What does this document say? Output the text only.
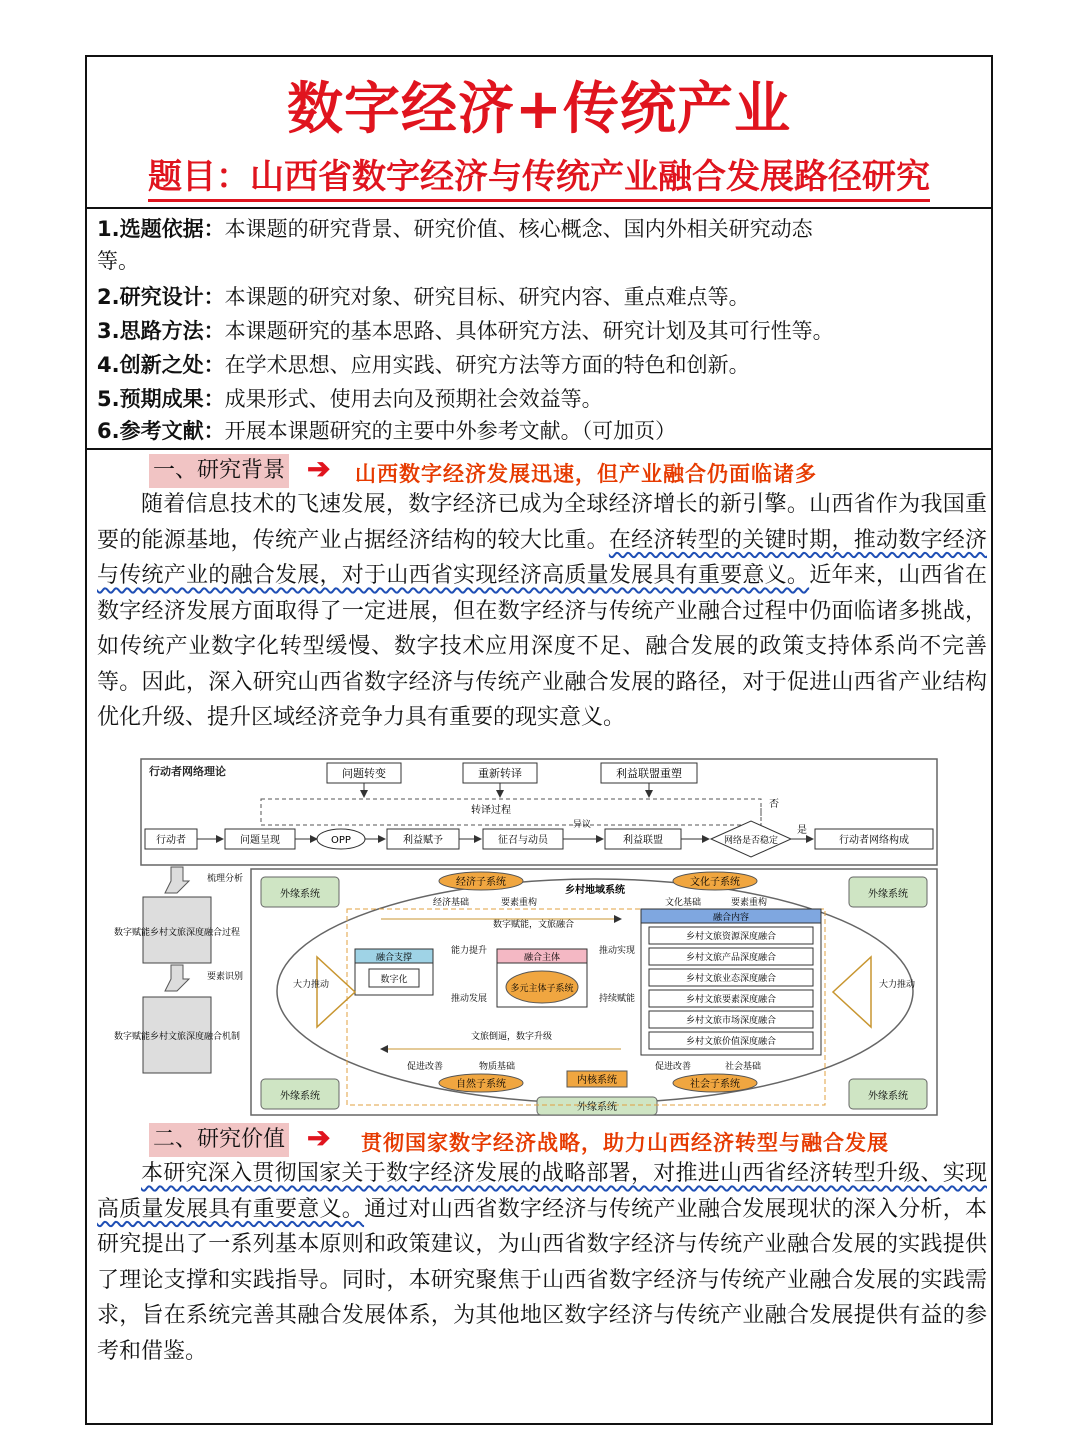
数字经济+传统产业
题目：山西省数字经济与传统产业融合发展路径研究
1.选题依据：本课题的研究背景、研究价值、核心概念、国内外相关研究动态
等。
2.研究设计：本课题的研究对象、研究目标、研究内容、重点难点等。
3.思路方法：本课题研究的基本思路、具体研究方法、研究计划及其可行性等。
4.创新之处：在学术思想、应用实践、研究方法等方面的特色和创新。
5.预期成果：成果形式、使用去向及预期社会效益等。
6.参考文献：开展本课题研究的主要中外参考文献。（可加页）
一、研究背景 ➔ 山西数字经济发展迅速，但产业融合仍面临诸多

随着信息技术的飞速发展，数字经济已成为全球经济增长的新引擎。山西省作为我国重要的能源基地，传统产业占据经济结构的较大比重。在经济转型的关键时期，推动数字经济与传统产业的融合发展，对于山西省实现经济高质量发展具有重要意义。近年来，山西省在数字经济发展方面取得了一定进展，但在数字经济与传统产业融合过程中仍面临诸多挑战，如传统产业数字化转型缓慢、数字技术应用深度不足、融合发展的政策支持体系尚不完善等。因此，深入研究山西省数字经济与传统产业融合发展的路径，对于促进山西省产业结构优化升级、提升区域经济竞争力具有重要的现实意义。

行动者网络理论	问题转变	重新转译	利益联盟重塑
转译过程
否
行动者	问题呈现	OPP	利益赋予	征召与动员
异议
利益联盟	网络是否稳定
是
行动者网络构成
梳理分析
数字赋能乡村文旅深度融合过程
要素识别
数字赋能乡村文旅深度融合机制
外缘系统	外缘系统
外缘系统	外缘系统
外缘系统
经济子系统	文化子系统
乡村地域系统
经济基础	要素重构	文化基础	要素重构
数字赋能，文旅融合
融合支撑
数字化
能力提升	推动实现
推动发展	持续赋能
融合主体
多元主体子系统
融合内容
乡村文旅资源深度融合
乡村文旅产品深度融合
乡村文旅业态深度融合
乡村文旅要素深度融合
乡村文旅市场深度融合
乡村文旅价值深度融合
文旅倒逼，数字升级
大力推动	大力推动
促进改善	物质基础	促进改善	社会基础
自然子系统	内核系统	社会子系统
二、研究价值 ➔ 贯彻国家数字经济战略，助力山西经济转型与融合发展

本研究深入贯彻国家关于数字经济发展的战略部署，对推进山西省经济转型升级、实现高质量发展具有重要意义。通过对山西省数字经济与传统产业融合发展现状的深入分析，本研究提出了一系列基本原则和政策建议，为山西省数字经济与传统产业融合发展的实践提供了理论支撑和实践指导。同时，本研究聚焦于山西省数字经济与传统产业融合发展的实践需求，旨在系统完善其融合发展体系，为其他地区数字经济与传统产业融合发展提供有益的参考和借鉴。
